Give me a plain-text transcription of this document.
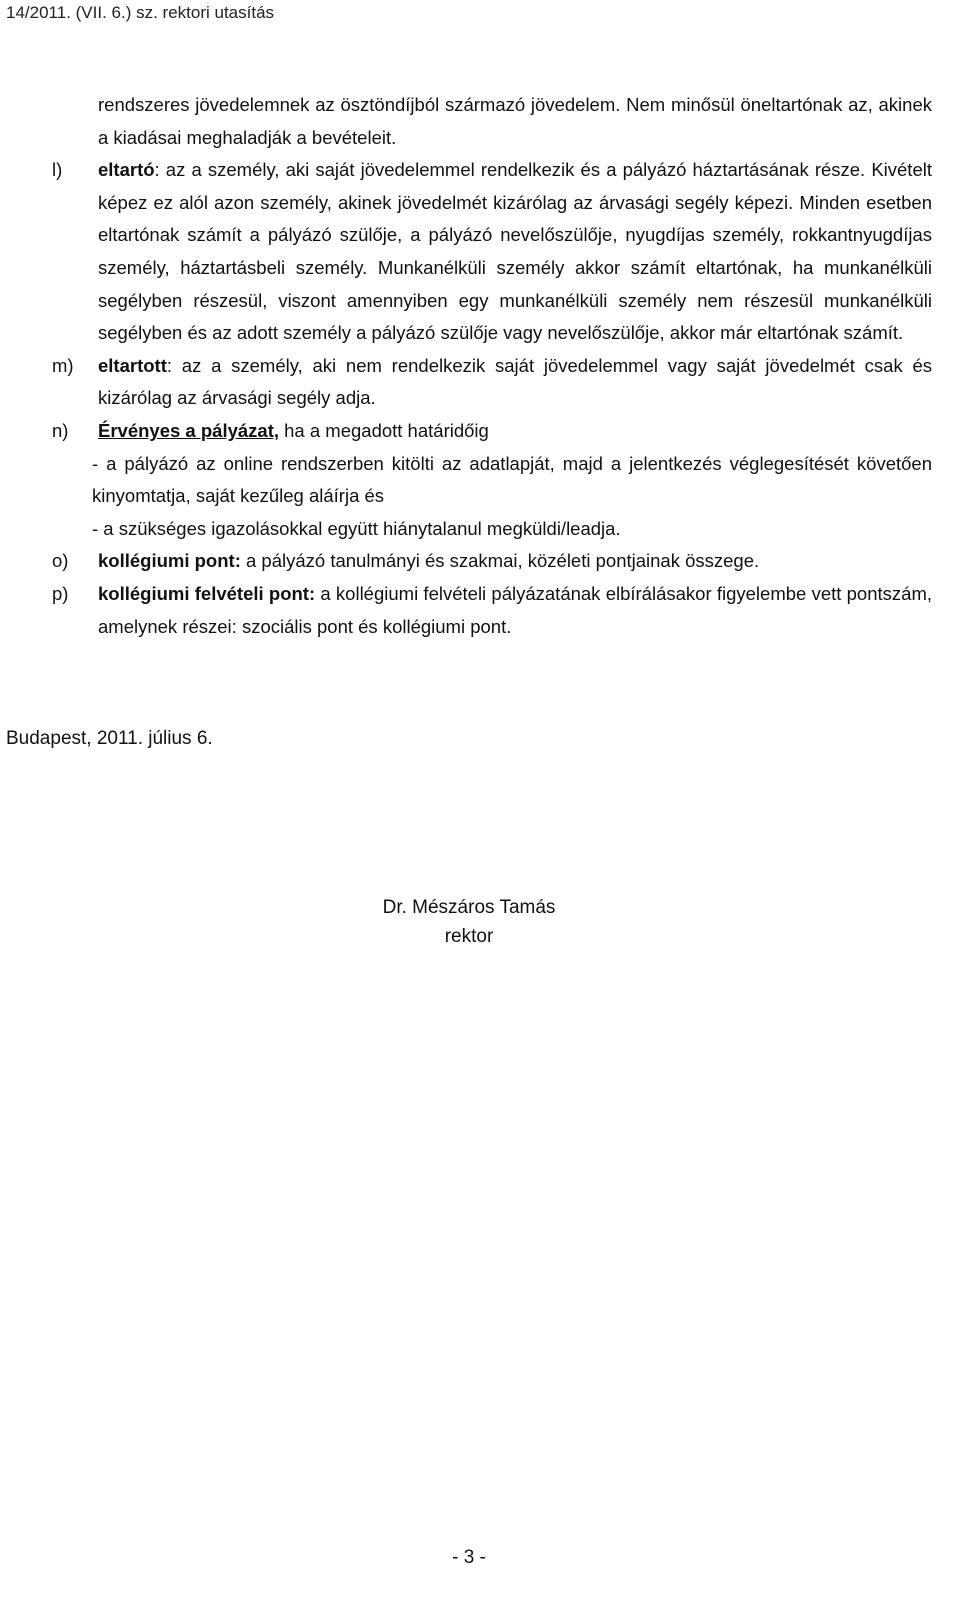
14/2011. (VII. 6.) sz. rektori utasítás

rendszeres jövedelemnek az ösztöndíjból származó jövedelem. Nem minősül öneltartónak az, akinek a kiadásai meghaladják a bevételeit.

l) eltartó: az a személy, aki saját jövedelemmel rendelkezik és a pályázó háztartásának része. Kivételt képez ez alól azon személy, akinek jövedelmét kizárólag az árvasági segély képezi. Minden esetben eltartónak számít a pályázó szülője, a pályázó nevelőszülője, nyugdíjas személy, rokkantnyugdíjas személy, háztartásbeli személy. Munkanélküli személy akkor számít eltartónak, ha munkanélküli segélyben részesül, viszont amennyiben egy munkanélküli személy nem részesül munkanélküli segélyben és az adott személy a pályázó szülője vagy nevelőszülője, akkor már eltartónak számít.

m) eltartott: az a személy, aki nem rendelkezik saját jövedelemmel vagy saját jövedelmét csak és kizárólag az árvasági segély adja.

n) Érvényes a pályázat, ha a megadott határidőig

- a pályázó az online rendszerben kitölti az adatlapját, majd a jelentkezés véglegesítését követően kinyomtatja, saját kezűleg aláírja és

- a szükséges igazolásokkal együtt hiánytalanul megküldi/leadja.

o) kollégiumi pont: a pályázó tanulmányi és szakmai, közéleti pontjainak összege.

p) kollégiumi felvételi pont: a kollégiumi felvételi pályázatának elbírálásakor figyelembe vett pontszám, amelynek részei: szociális pont és kollégiumi pont.

Budapest, 2011. július 6.
Dr. Mészáros Tamás
rektor
- 3 -
